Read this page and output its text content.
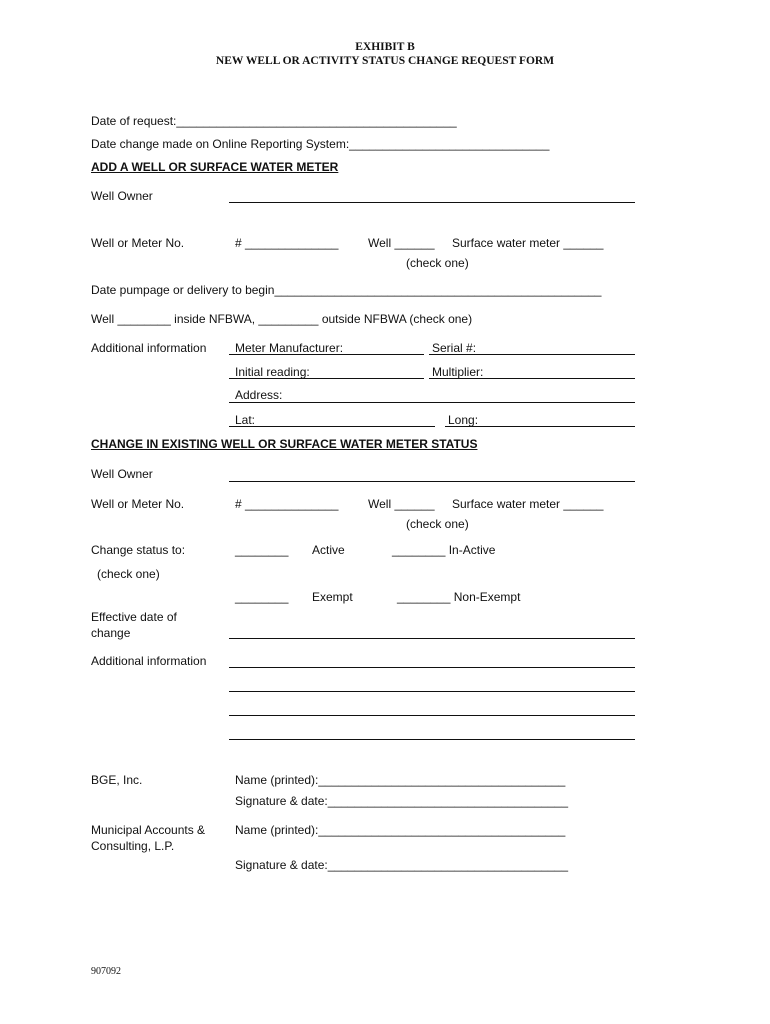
EXHIBIT B
NEW WELL OR ACTIVITY STATUS CHANGE REQUEST FORM
Date of request:__________________________________________
Date change made on Online Reporting System:______________________________
ADD A WELL OR SURFACE WATER METER
Well Owner
Well or Meter No.	# ______________ Well ______ Surface water meter ______
(check one)
Date pumpage or delivery to begin_________________________________________________
Well ________ inside NFBWA, _________ outside NFBWA (check one)
Additional information Meter Manufacturer:	Serial #:
Initial reading:	Multiplier:
Address:
Lat:	Long:
CHANGE IN EXISTING WELL OR SURFACE WATER METER STATUS
Well Owner
Well or Meter No.	# ______________ Well ______ Surface water meter ______
(check one)
Change status to:	________ Active	________ In-Active
(check one)
________ Exempt	________ Non-Exempt
Effective date of
change
Additional information
BGE, Inc.	Name (printed):_____________________________________
Signature & date:____________________________________
Municipal Accounts &
Consulting, L.P.
Name (printed):_____________________________________
Signature & date:____________________________________
907092
